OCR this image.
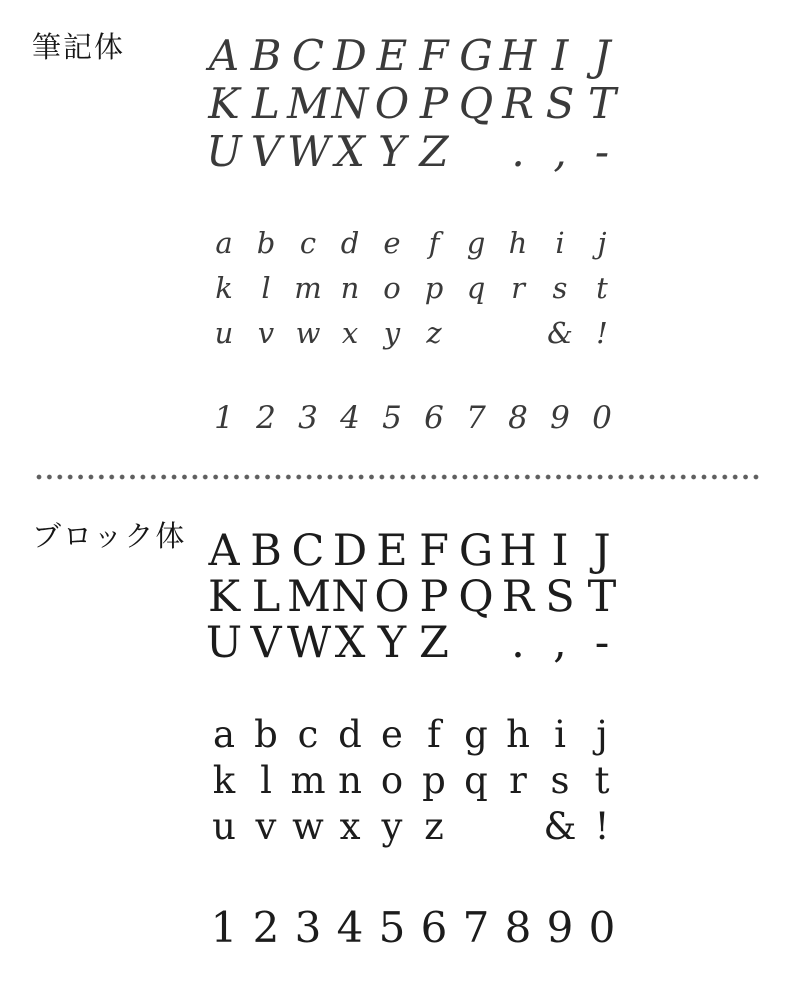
筆記体 A B C D E F G H I J
K L M N O P Q R S T
U V W X Y Z	. , -
a b c d e f g h i	j
k l m n o p q r s t
u v w x y z	& !
1 2 3 4 5 6 7 8 9 0
ブロック体 A B C D E F G H I J
K L M N O P Q R S T
U V W X Y Z	. , -
a b c d e f g h i j
k l m n o p q r s t
u v w x y z	& !
1 2 3 4 5 6 7 8 9 0
